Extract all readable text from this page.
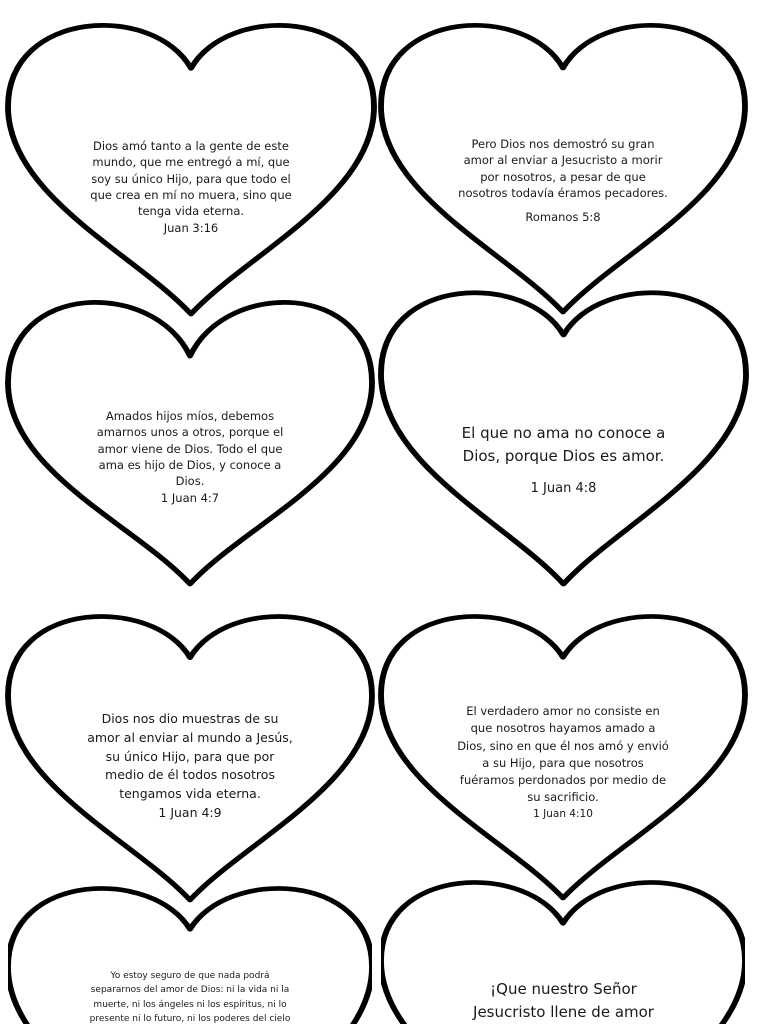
Dios amó tanto a la gente de este
mundo, que me entregó a mí, que
soy su único Hijo, para que todo el
que crea en mí no muera, sino que
tenga vida eterna.
Juan 3:16
Pero Dios nos demostró su gran
amor al enviar a Jesucristo a morir
por nosotros, a pesar de que
nosotros todavía éramos pecadores.
Romanos 5:8
Amados hijos míos, debemos
amarnos unos a otros, porque el
amor viene de Dios. Todo el que
ama es hijo de Dios, y conoce a
Dios.
1 Juan 4:7
El que no ama no conoce a
Dios, porque Dios es amor.
1 Juan 4:8
Dios nos dio muestras de su
amor al enviar al mundo a Jesús,
su único Hijo, para que por
medio de él todos nosotros
tengamos vida eterna.
1 Juan 4:9
El verdadero amor no consiste en
que nosotros hayamos amado a
Dios, sino en que él nos amó y envió
a su Hijo, para que nosotros
fuéramos perdonados por medio de
su sacrificio.
1 Juan 4:10
Yo estoy seguro de que nada podrá
separarnos del amor de Dios: ni la vida ni la
muerte, ni los ángeles ni los espíritus, ni lo
presente ni lo futuro, ni los poderes del cielo
¡Que nuestro Señor
Jesucristo llene de amor
